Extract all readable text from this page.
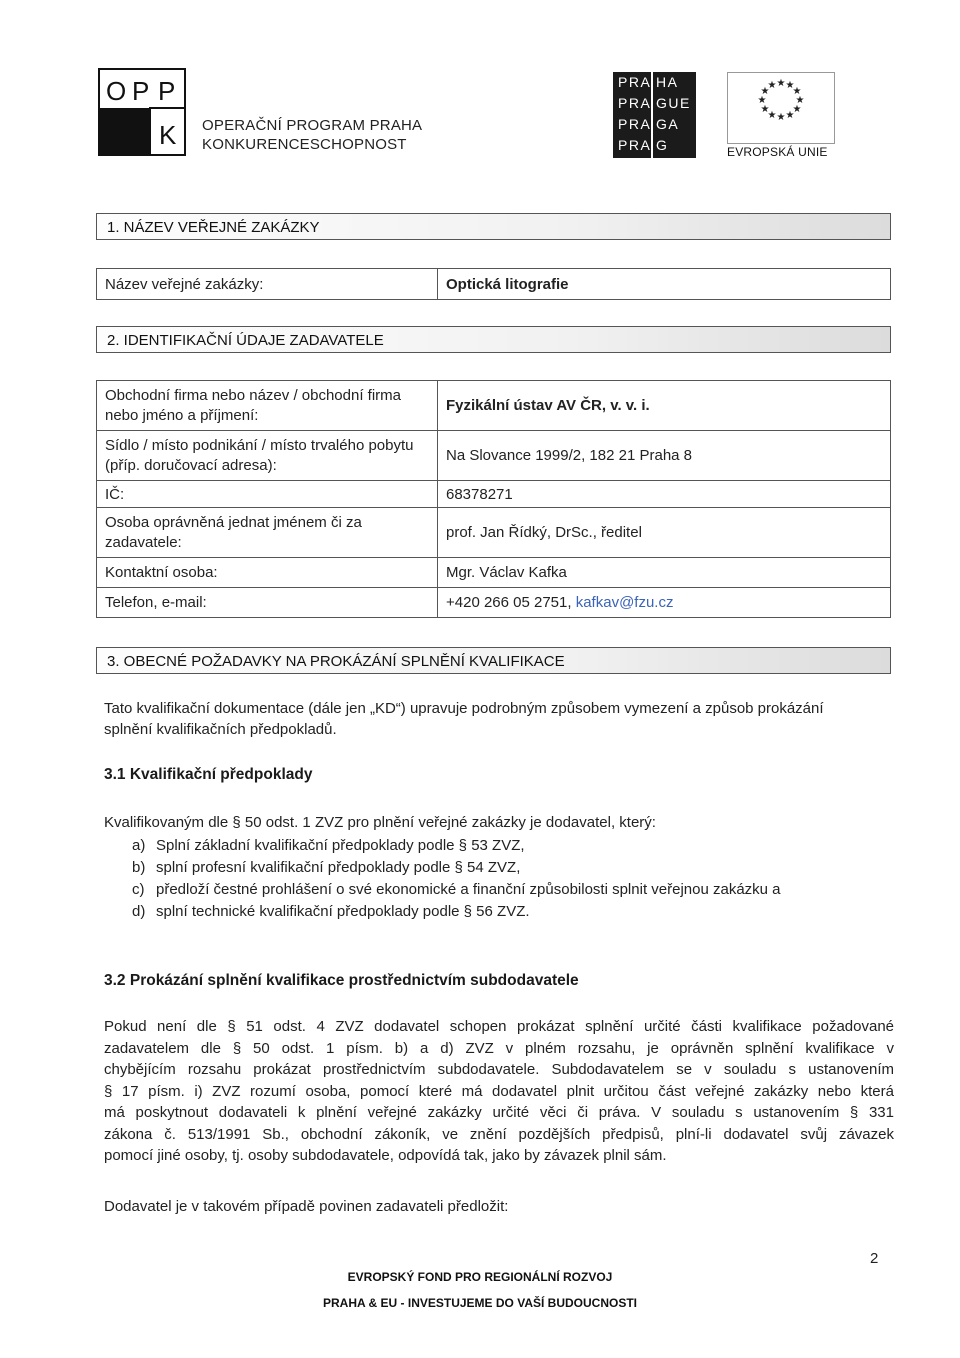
O P P
K OPERAČNÍ PROGRAM PRAHA
KONKURENCESCHOPNOST
PRA HA
PRA GUE
PRA GA
PRA G
★ ★
★
★
★
★
★
★
★
★
★
★
EVROPSKÁ UNIE
1. NÁZEV VEŘEJNÉ ZAKÁZKY
Název veřejné zakázky:	Optická litografie
2. IDENTIFIKAČNÍ ÚDAJE ZADAVATELE
Obchodní firma nebo název / obchodní firma nebo jméno a příjmení:	Fyzikální ústav AV ČR, v. v. i.
Sídlo / místo podnikání / místo trvalého pobytu (příp. doručovací adresa):	Na Slovance 1999/2, 182 21 Praha 8
IČ:	68378271
Osoba oprávněná jednat jménem či za zadavatele:	prof. Jan Řídký, DrSc., ředitel
Kontaktní osoba:	Mgr. Václav Kafka
Telefon, e-mail:	+420 266 05 2751, kafkav@fzu.cz
3. OBECNÉ POŽADAVKY NA PROKÁZÁNÍ SPLNĚNÍ KVALIFIKACE
Tato kvalifikační dokumentace (dále jen „KD“) upravuje podrobným způsobem vymezení a způsob prokázání
splnění kvalifikačních předpokladů.
3.1 Kvalifikační předpoklady
Kvalifikovaným dle § 50 odst. 1 ZVZ pro plnění veřejné zakázky je dodavatel, který:
a) Splní základní kvalifikační předpoklady podle § 53 ZVZ,
b) splní profesní kvalifikační předpoklady podle § 54 ZVZ,
c) předloží čestné prohlášení o své ekonomické a finanční způsobilosti splnit veřejnou zakázku a
d) splní technické kvalifikační předpoklady podle § 56 ZVZ.
3.2 Prokázání splnění kvalifikace prostřednictvím subdodavatele
Pokud není dle § 51 odst. 4 ZVZ dodavatel schopen prokázat splnění určité části kvalifikace požadované
zadavatelem dle § 50 odst. 1 písm. b) a d) ZVZ v plném rozsahu, je oprávněn splnění kvalifikace v
chybějícím rozsahu prokázat prostřednictvím subdodavatele. Subdodavatelem se v souladu s ustanovením
§ 17 písm. i) ZVZ rozumí osoba, pomocí které má dodavatel plnit určitou část veřejné zakázky nebo která
má poskytnout dodavateli k plnění veřejné zakázky určité věci či práva. V souladu s ustanovením § 331
zákona č. 513/1991 Sb., obchodní zákoník, ve znění pozdějších předpisů, plní-li dodavatel svůj závazek
pomocí jiné osoby, tj. osoby subdodavatele, odpovídá tak, jako by závazek plnil sám.
Dodavatel je v takovém případě povinen zadavateli předložit:
2
EVROPSKÝ FOND PRO REGIONÁLNÍ ROZVOJ
PRAHA & EU - INVESTUJEME DO VAŠÍ BUDOUCNOSTI
